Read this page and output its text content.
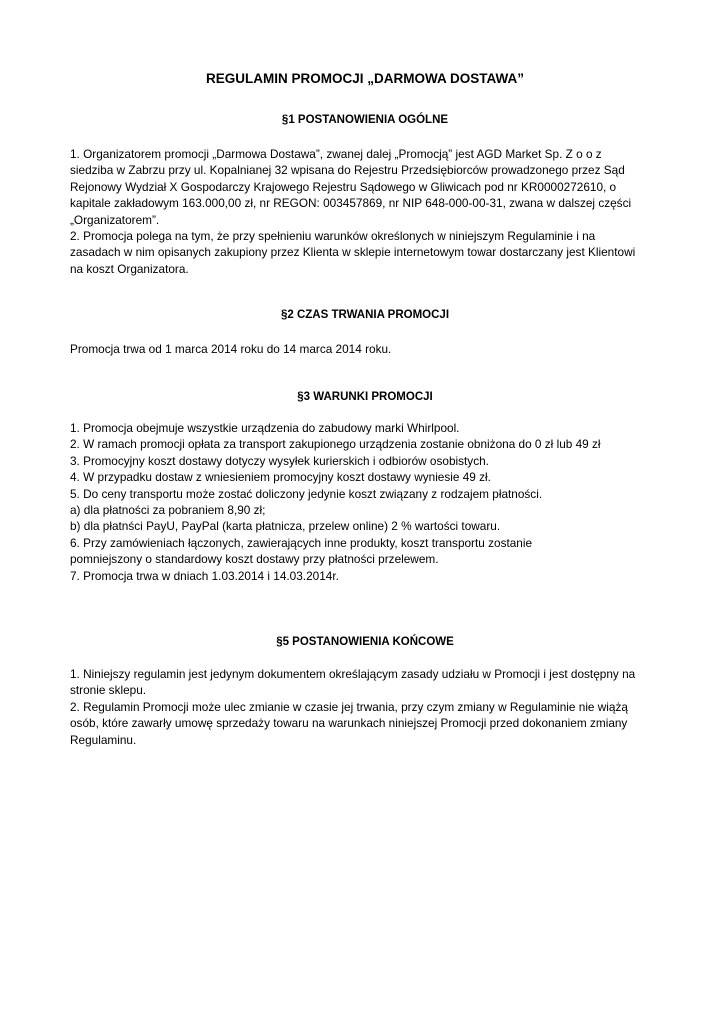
REGULAMIN PROMOCJI „DARMOWA DOSTAWA”
§1 POSTANOWIENIA OGÓLNE
1. Organizatorem promocji „Darmowa Dostawa”, zwanej dalej „Promocją” jest AGD Market Sp. Z o o z
siedziba w Zabrzu przy ul. Kopalnianej 32 wpisana do Rejestru Przedsiębiorców prowadzonego przez Sąd
Rejonowy Wydział X Gospodarczy Krajowego Rejestru Sądowego w Gliwicach pod nr KR0000272610, o
kapitale zakładowym 163.000,00 zł, nr REGON: 003457869, nr NIP 648-000-00-31, zwana w dalszej części
„Organizatorem”.
2. Promocja polega na tym, że przy spełnieniu warunków określonych w niniejszym Regulaminie i na
zasadach w nim opisanych zakupiony przez Klienta w sklepie internetowym towar dostarczany jest Klientowi
na koszt Organizatora.
§2 CZAS TRWANIA PROMOCJI
Promocja trwa od 1 marca 2014 roku do 14 marca 2014 roku.
§3 WARUNKI PROMOCJI
1. Promocja obejmuje wszystkie urządzenia do zabudowy marki Whirlpool.
2. W ramach promocji opłata za transport zakupionego urządzenia zostanie obniżona do 0 zł lub 49 zł
3. Promocyjny koszt dostawy dotyczy wysyłek kurierskich i odbiorów osobistych.
4. W przypadku dostaw z wniesieniem promocyjny koszt dostawy wyniesie 49 zł.
5. Do ceny transportu może zostać doliczony jedynie koszt związany z rodzajem płatności.
a) dla płatności za pobraniem 8,90 zł;
b) dla płatnści PayU, PayPal (karta płatnicza, przelew online) 2 % wartości towaru.
6. Przy zamówieniach łączonych, zawierających inne produkty, koszt transportu zostanie
pomniejszony o standardowy koszt dostawy przy płatności przelewem.
7. Promocja trwa w dniach 1.03.2014 i 14.03.2014r.
§5 POSTANOWIENIA KOŃCOWE
1. Niniejszy regulamin jest jedynym dokumentem określającym zasady udziału w Promocji i jest dostępny na
stronie sklepu.
2. Regulamin Promocji może ulec zmianie w czasie jej trwania, przy czym zmiany w Regulaminie nie wiążą
osób, które zawarły umowę sprzedaży towaru na warunkach niniejszej Promocji przed dokonaniem zmiany
Regulaminu.
